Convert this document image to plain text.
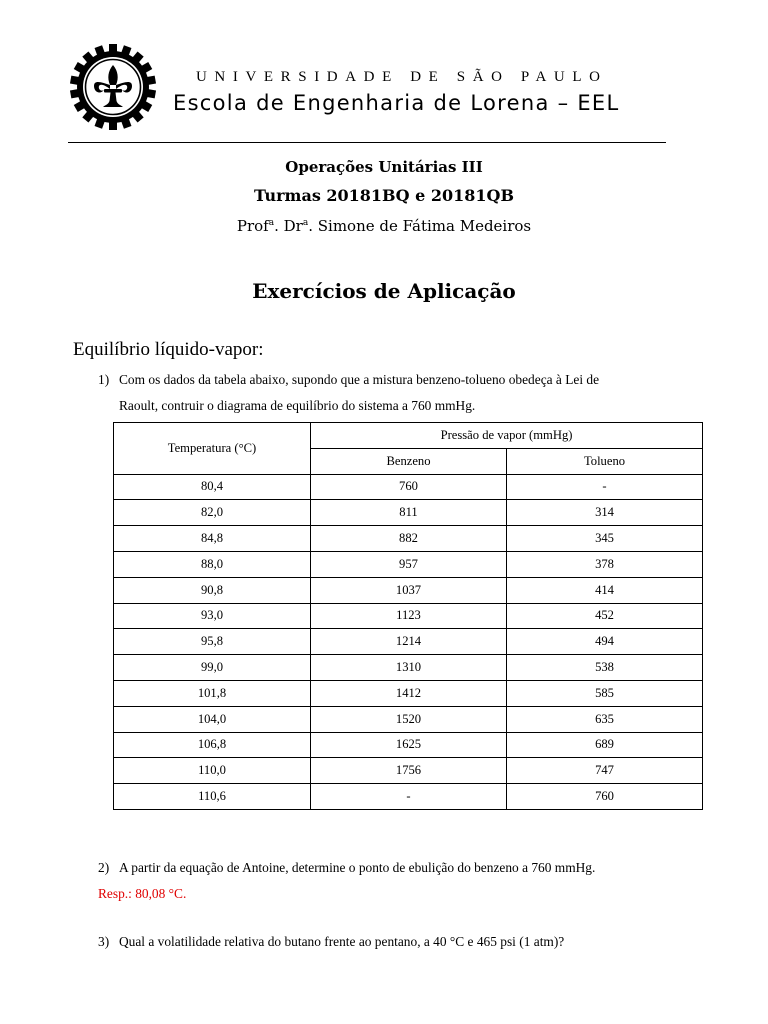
UNIVERSIDADE DE SÃO PAULO
Escola de Engenharia de Lorena – EEL
Operações Unitárias III
Turmas 20181BQ e 20181QB
Prof$^a$. Dr$^a$. Simone de Fátima Medeiros
Exercícios de Aplicação
Equilíbrio líquido-vapor:
1) Com os dados da tabela abaixo, supondo que a mistura benzeno-tolueno obedeça à Lei de
Raoult, contruir o diagrama de equilíbrio do sistema a 760 mmHg.
Temperatura (°C)	Pressão de vapor (mmHg)	
	Benzeno	Tolueno
80,4	760	-
82,0	811	314
84,8	882	345
88,0	957	378
90,8	1037	414
93,0	1123	452
95,8	1214	494
99,0	1310	538
101,8	1412	585
104,0	1520	635
106,8	1625	689
110,0	1756	747
110,6	-	760
2) A partir da equação de Antoine, determine o ponto de ebulição do benzeno a 760 mmHg.
Resp.: 80,08 °C.
3) Qual a volatilidade relativa do butano frente ao pentano, a 40 °C e 465 psi (1 atm)?
